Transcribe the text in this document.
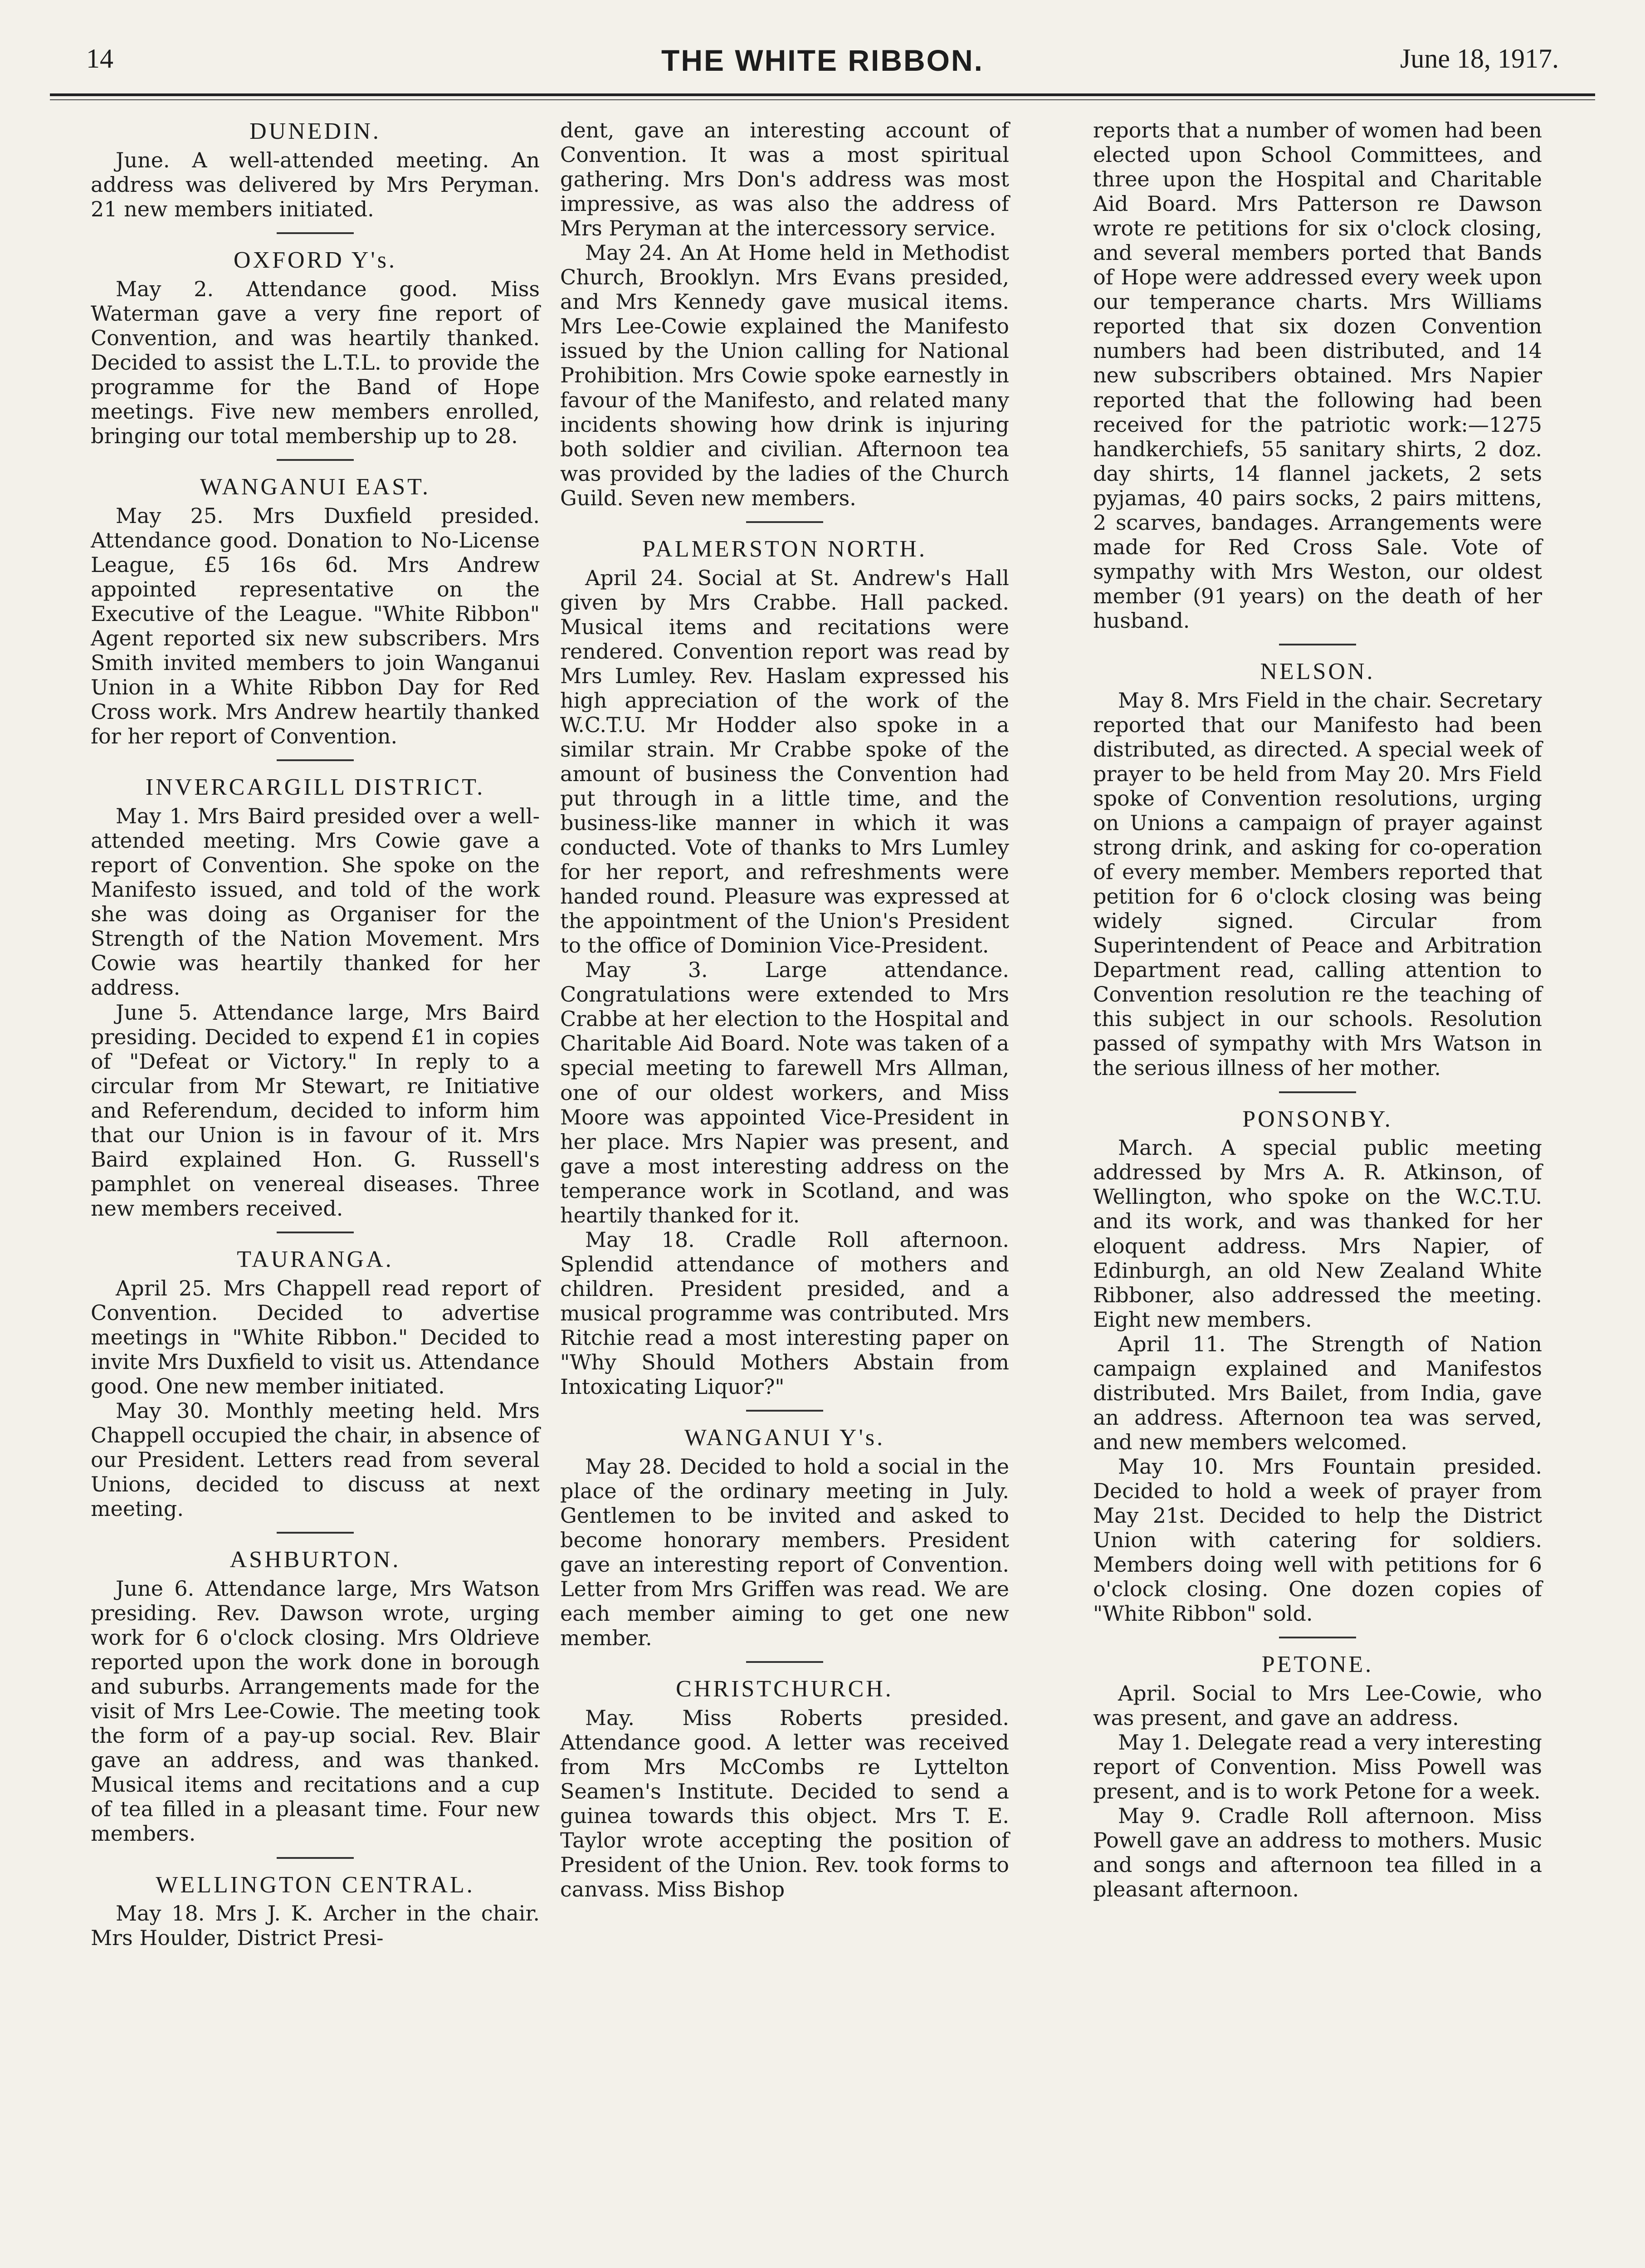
14	THE WHITE RIBBON.	June 18, 1917.
DUNEDIN.

June. A well-attended meeting. An address was delivered by Mrs Peryman. 21 new members initiated.

OXFORD Y's.

May 2. Attendance good. Miss Waterman gave a very fine report of Convention, and was heartily thanked. Decided to assist the L.T.L. to provide the programme for the Band of Hope meetings. Five new members enrolled, bringing our total membership up to 28.

WANGANUI EAST.

May 25. Mrs Duxfield presided. Attendance good. Donation to No-License League, £5 16s 6d. Mrs Andrew appointed representative on the Executive of the League. "White Ribbon" Agent reported six new subscribers. Mrs Smith invited members to join Wanganui Union in a White Ribbon Day for Red Cross work. Mrs Andrew heartily thanked for her report of Convention.

INVERCARGILL DISTRICT.

May 1. Mrs Baird presided over a well-attended meeting. Mrs Cowie gave a report of Convention. She spoke on the Manifesto issued, and told of the work she was doing as Organiser for the Strength of the Nation Movement. Mrs Cowie was heartily thanked for her address.

June 5. Attendance large, Mrs Baird presiding. Decided to expend £1 in copies of "Defeat or Victory." In reply to a circular from Mr Stewart, re Initiative and Referendum, decided to inform him that our Union is in favour of it. Mrs Baird explained Hon. G. Russell's pamphlet on venereal diseases. Three new members received.

TAURANGA.

April 25. Mrs Chappell read report of Convention. Decided to advertise meetings in "White Ribbon." Decided to invite Mrs Duxfield to visit us. Attendance good. One new member initiated.

May 30. Monthly meeting held. Mrs Chappell occupied the chair, in absence of our President. Letters read from several Unions, decided to discuss at next meeting.

ASHBURTON.

June 6. Attendance large, Mrs Watson presiding. Rev. Dawson wrote, urging work for 6 o'clock closing. Mrs Oldrieve reported upon the work done in borough and suburbs. Arrangements made for the visit of Mrs Lee-Cowie. The meeting took the form of a pay-up social. Rev. Blair gave an address, and was thanked. Musical items and recitations and a cup of tea filled in a pleasant time. Four new members.

WELLINGTON CENTRAL.

May 18. Mrs J. K. Archer in the chair. Mrs Houlder, District Presi-

dent, gave an interesting account of Convention. It was a most spiritual gathering. Mrs Don's address was most impressive, as was also the address of Mrs Peryman at the intercessory service.

May 24. An At Home held in Methodist Church, Brooklyn. Mrs Evans presided, and Mrs Kennedy gave musical items. Mrs Lee-Cowie explained the Manifesto issued by the Union calling for National Prohibition. Mrs Cowie spoke earnestly in favour of the Manifesto, and related many incidents showing how drink is injuring both soldier and civilian. Afternoon tea was provided by the ladies of the Church Guild. Seven new members.

PALMERSTON NORTH.

April 24. Social at St. Andrew's Hall given by Mrs Crabbe. Hall packed. Musical items and recitations were rendered. Convention report was read by Mrs Lumley. Rev. Haslam expressed his high appreciation of the work of the W.C.T.U. Mr Hodder also spoke in a similar strain. Mr Crabbe spoke of the amount of business the Convention had put through in a little time, and the business-like manner in which it was conducted. Vote of thanks to Mrs Lumley for her report, and refreshments were handed round. Pleasure was expressed at the appointment of the Union's President to the office of Dominion Vice-President.

May 3. Large attendance. Congratulations were extended to Mrs Crabbe at her election to the Hospital and Charitable Aid Board. Note was taken of a special meeting to farewell Mrs Allman, one of our oldest workers, and Miss Moore was appointed Vice-President in her place. Mrs Napier was present, and gave a most interesting address on the temperance work in Scotland, and was heartily thanked for it.

May 18. Cradle Roll afternoon. Splendid attendance of mothers and children. President presided, and a musical programme was contributed. Mrs Ritchie read a most interesting paper on "Why Should Mothers Abstain from Intoxicating Liquor?"

WANGANUI Y's.

May 28. Decided to hold a social in the place of the ordinary meeting in July. Gentlemen to be invited and asked to become honorary members. President gave an interesting report of Convention. Letter from Mrs Griffen was read. We are each member aiming to get one new member.

CHRISTCHURCH.

May. Miss Roberts presided. Attendance good. A letter was received from Mrs McCombs re Lyttelton Seamen's Institute. Decided to send a guinea towards this object. Mrs T. E. Taylor wrote accepting the position of President of the Union. Rev. took forms to canvass. Miss Bishop

reports that a number of women had been elected upon School Committees, and three upon the Hospital and Charitable Aid Board. Mrs Patterson re Dawson wrote re petitions for six o'clock closing, and several members ported that Bands of Hope were addressed every week upon our temperance charts. Mrs Williams reported that six dozen Convention numbers had been distributed, and 14 new subscribers obtained. Mrs Napier reported that the following had been received for the patriotic work:—1275 handkerchiefs, 55 sanitary shirts, 2 doz. day shirts, 14 flannel jackets, 2 sets pyjamas, 40 pairs socks, 2 pairs mittens, 2 scarves, bandages. Arrangements were made for Red Cross Sale. Vote of sympathy with Mrs Weston, our oldest member (91 years) on the death of her husband.

NELSON.

May 8. Mrs Field in the chair. Secretary reported that our Manifesto had been distributed, as directed. A special week of prayer to be held from May 20. Mrs Field spoke of Convention resolutions, urging on Unions a campaign of prayer against strong drink, and asking for co-operation of every member. Members reported that petition for 6 o'clock closing was being widely signed. Circular from Superintendent of Peace and Arbitration Department read, calling attention to Convention resolution re the teaching of this subject in our schools. Resolution passed of sympathy with Mrs Watson in the serious illness of her mother.

PONSONBY.

March. A special public meeting addressed by Mrs A. R. Atkinson, of Wellington, who spoke on the W.C.T.U. and its work, and was thanked for her eloquent address. Mrs Napier, of Edinburgh, an old New Zealand White Ribboner, also addressed the meeting. Eight new members.

April 11. The Strength of Nation campaign explained and Manifestos distributed. Mrs Bailet, from India, gave an address. Afternoon tea was served, and new members welcomed.

May 10. Mrs Fountain presided. Decided to hold a week of prayer from May 21st. Decided to help the District Union with catering for soldiers. Members doing well with petitions for 6 o'clock closing. One dozen copies of "White Ribbon" sold.

PETONE.

April. Social to Mrs Lee-Cowie, who was present, and gave an address.

May 1. Delegate read a very interesting report of Convention. Miss Powell was present, and is to work Petone for a week.

May 9. Cradle Roll afternoon. Miss Powell gave an address to mothers. Music and songs and afternoon tea filled in a pleasant afternoon.
